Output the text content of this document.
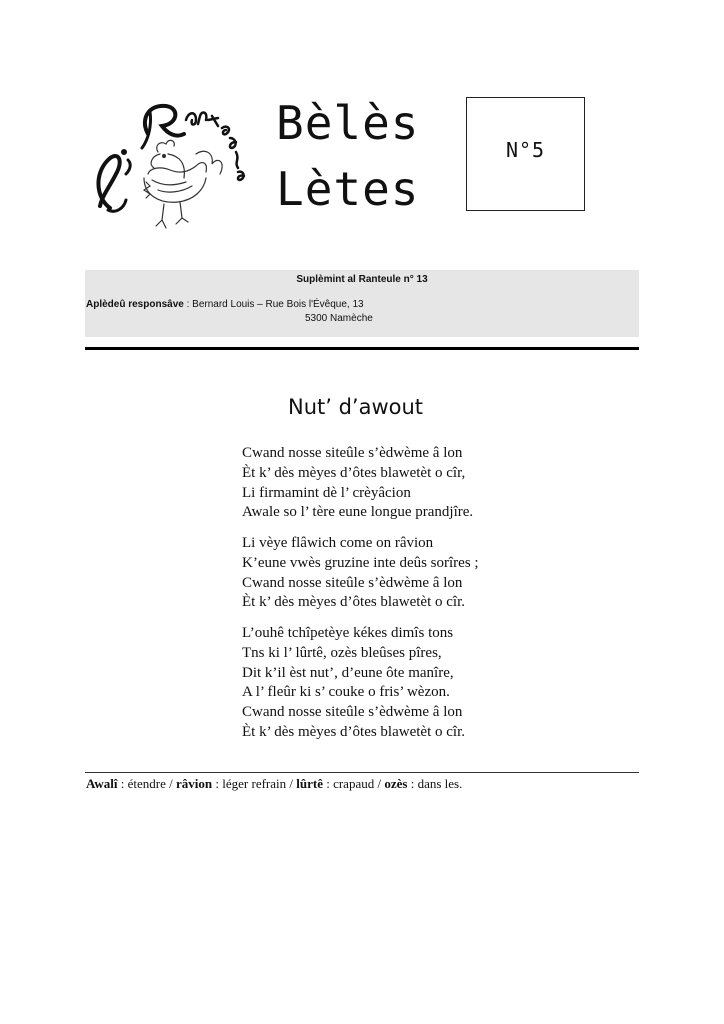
Bèlès
Lètes
N°5
Suplèmint al Ranteule n° 13
Aplèdeû responsâve : Bernard Louis – Rue Bois l'Évêque, 13
5300 Namèche
Nut’ d’awout
Cwand nosse siteûle s’èdwème â lon
Èt k’ dès mèyes d’ôtes blawetèt o cîr,
Li firmamint dè l’ crèyâcion
Awale so l’ tère eune longue prandjîre.
Li vèye flâwich come on râvion
K’eune vwès gruzine inte deûs sorîres ;
Cwand nosse siteûle s’èdwème â lon
Èt k’ dès mèyes d’ôtes blawetèt o cîr.
L’ouhê tchîpetèye kékes dimîs tons
Tns ki l’ lûrtê, ozès bleûses pîres,
Dit k’il èst nut’, d’eune ôte manîre,
A l’ fleûr ki s’ couke o fris’ wèzon.
Cwand nosse siteûle s’èdwème â lon
Èt k’ dès mèyes d’ôtes blawetèt o cîr.
Awalî : étendre / râvion : léger refrain / lûrtê : crapaud / ozès : dans les.
